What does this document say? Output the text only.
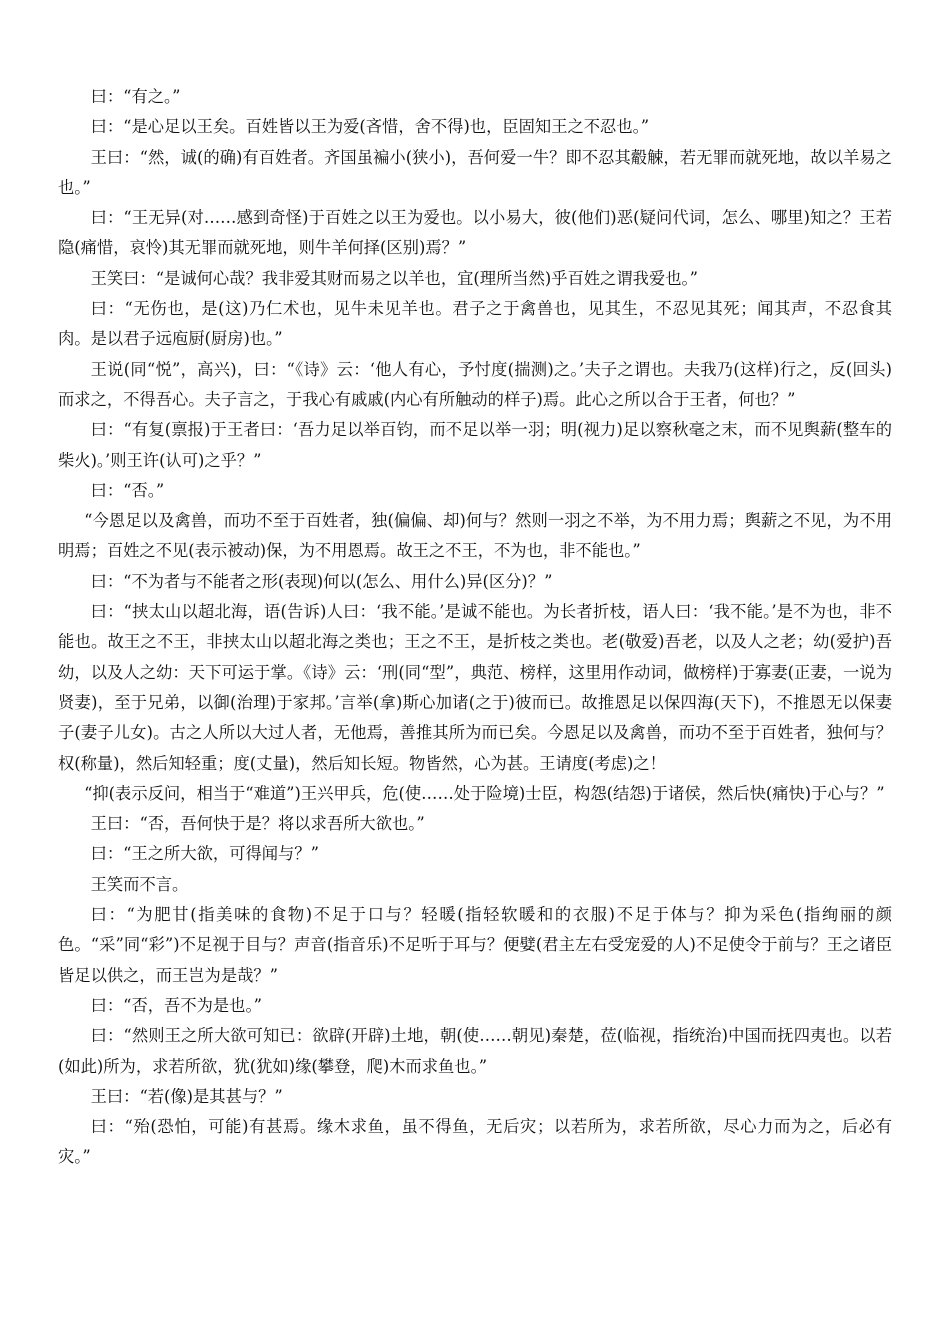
曰：“有之。”

曰：“是心足以王矣。百姓皆以王为爱(吝惜，舍不得)也，臣固知王之不忍也。”

王曰：“然，诚(的确)有百姓者。齐国虽褊小(狭小)，吾何爱一牛？即不忍其觳觫，若无罪而就死地，故以羊易之也。”

曰：“王无异(对……感到奇怪)于百姓之以王为爱也。以小易大，彼(他们)恶(疑问代词，怎么、哪里)知之？王若隐(痛惜，哀怜)其无罪而就死地，则牛羊何择(区别)焉？”

王笑曰：“是诚何心哉？我非爱其财而易之以羊也，宜(理所当然)乎百姓之谓我爱也。”

曰：“无伤也，是(这)乃仁术也，见牛未见羊也。君子之于禽兽也，见其生，不忍见其死；闻其声，不忍食其肉。是以君子远庖厨(厨房)也。”

王说(同“悦”，高兴)，曰：“《诗》云：‘他人有心，予忖度(揣测)之。’夫子之谓也。夫我乃(这样)行之，反(回头)而求之，不得吾心。夫子言之，于我心有戚戚(内心有所触动的样子)焉。此心之所以合于王者，何也？”

曰：“有复(禀报)于王者曰：‘吾力足以举百钧，而不足以举一羽；明(视力)足以察秋毫之末，而不见舆薪(整车的柴火)。’则王许(认可)之乎？”

曰：“否。”

“今恩足以及禽兽，而功不至于百姓者，独(偏偏、却)何与？然则一羽之不举，为不用力焉；舆薪之不见，为不用明焉；百姓之不见(表示被动)保，为不用恩焉。故王之不王，不为也，非不能也。”

曰：“不为者与不能者之形(表现)何以(怎么、用什么)异(区分)？”

曰：“挟太山以超北海，语(告诉)人曰：‘我不能。’是诚不能也。为长者折枝，语人曰：‘我不能。’是不为也，非不能也。故王之不王，非挟太山以超北海之类也；王之不王，是折枝之类也。老(敬爱)吾老，以及人之老；幼(爱护)吾幼，以及人之幼：天下可运于掌。《诗》云：‘刑(同“型”，典范、榜样，这里用作动词，做榜样)于寡妻(正妻，一说为贤妻)，至于兄弟，以御(治理)于家邦。’言举(拿)斯心加诸(之于)彼而已。故推恩足以保四海(天下)，不推恩无以保妻子(妻子儿女)。古之人所以大过人者，无他焉，善推其所为而已矣。今恩足以及禽兽，而功不至于百姓者，独何与？权(称量)，然后知轻重；度(丈量)，然后知长短。物皆然，心为甚。王请度(考虑)之！

“抑(表示反问，相当于“难道”)王兴甲兵，危(使……处于险境)士臣，构怨(结怨)于诸侯，然后快(痛快)于心与？”

王曰：“否，吾何快于是？将以求吾所大欲也。”

曰：“王之所大欲，可得闻与？”

王笑而不言。

曰：“为肥甘(指美味的食物)不足于口与？轻暖(指轻软暖和的衣服)不足于体与？抑为采色(指绚丽的颜色。“采”同“彩”)不足视于目与？声音(指音乐)不足听于耳与？便嬖(君主左右受宠爱的人)不足使令于前与？王之诸臣皆足以供之，而王岂为是哉？”

曰：“否，吾不为是也。”

曰：“然则王之所大欲可知已：欲辟(开辟)土地，朝(使……朝见)秦楚，莅(临视，指统治)中国而抚四夷也。以若(如此)所为，求若所欲，犹(犹如)缘(攀登，爬)木而求鱼也。”

王曰：“若(像)是其甚与？”

曰：“殆(恐怕，可能)有甚焉。缘木求鱼，虽不得鱼，无后灾；以若所为，求若所欲，尽心力而为之，后必有灾。”
